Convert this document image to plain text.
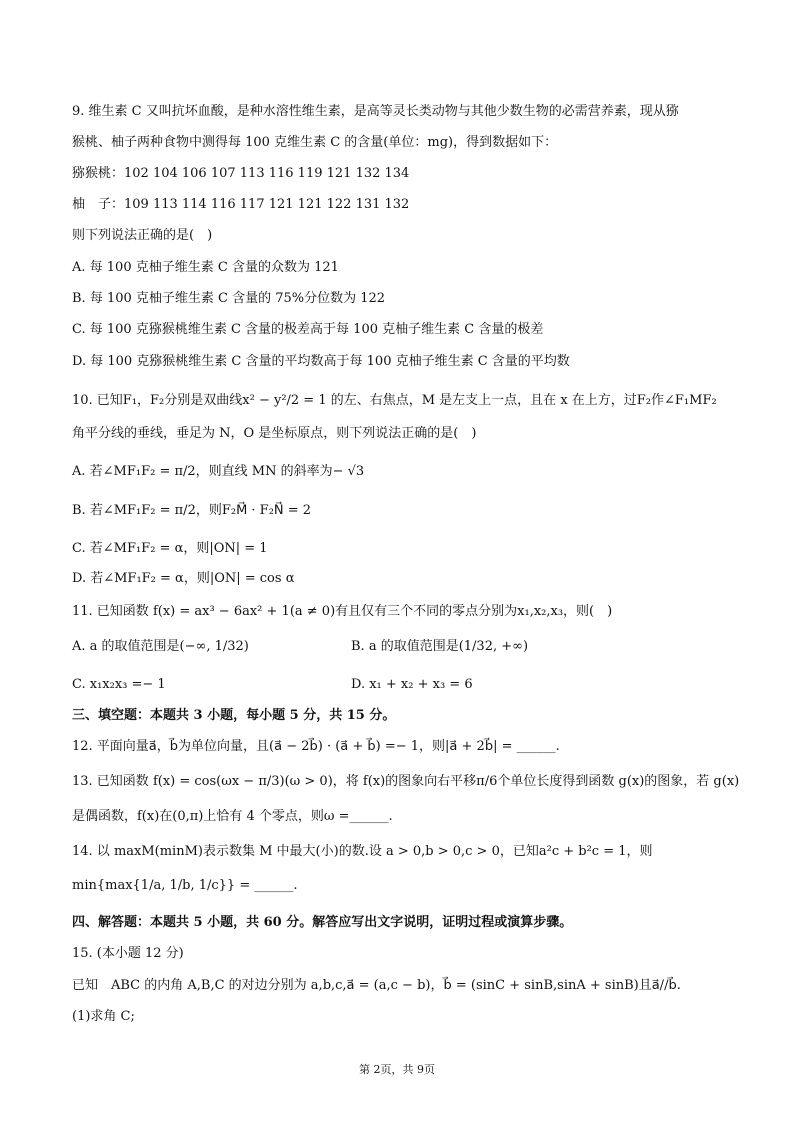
9. 维生素 C 又叫抗坏血酸，是种水溶性维生素，是高等灵长类动物与其他少数生物的必需营养素，现从猕
猴桃、柚子两种食物中测得每 100 克维生素 C 的含量(单位：mg)，得到数据如下：
猕猴桃：102 104 106 107 113 116 119 121 132 134
柚　子：109 113 114 116 117 121 121 122 131 132
则下列说法正确的是(　)
A. 每 100 克柚子维生素 C 含量的众数为 121
B. 每 100 克柚子维生素 C 含量的 75%分位数为 122
C. 每 100 克猕猴桃维生素 C 含量的极差高于每 100 克柚子维生素 C 含量的极差
D. 每 100 克猕猴桃维生素 C 含量的平均数高于每 100 克柚子维生素 C 含量的平均数
10. 已知F₁，F₂分别是双曲线x² − y²/2 = 1 的左、右焦点，M 是左支上一点，且在 x 在上方，过F₂作∠F₁MF₂
角平分线的垂线，垂足为 N，O 是坐标原点，则下列说法正确的是(　)
A. 若∠MF₁F₂ = π/2，则直线 MN 的斜率为− √3
B. 若∠MF₁F₂ = π/2，则F₂M⃗ · F₂N⃗ = 2
C. 若∠MF₁F₂ = α，则|ON| = 1
D. 若∠MF₁F₂ = α，则|ON| = cos α
11. 已知函数 f(x) = ax³ − 6ax² + 1(a ≠ 0)有且仅有三个不同的零点分别为x₁,x₂,x₃，则(　)
A. a 的取值范围是(−∞, 1/32)	B. a 的取值范围是(1/32, +∞)
C. x₁x₂x₃ =− 1	D. x₁ + x₂ + x₃ = 6
三、填空题：本题共 3 小题，每小题 5 分，共 15 分。
12. 平面向量a⃗，b⃗为单位向量，且(a⃗ − 2b⃗) · (a⃗ + b⃗) =− 1，则|a⃗ + 2b⃗| = ______.
13. 已知函数 f(x) = cos(ωx − π/3)(ω > 0)，将 f(x)的图象向右平移π/6个单位长度得到函数 g(x)的图象，若 g(x)
是偶函数，f(x)在(0,π)上恰有 4 个零点，则ω =______.
14. 以 maxM(minM)表示数集 M 中最大(小)的数.设 a > 0,b > 0,c > 0，已知a²c + b²c = 1，则
min{max{1/a, 1/b, 1/c}} = ______.
四、解答题：本题共 5 小题，共 60 分。解答应写出文字说明，证明过程或演算步骤。
15. (本小题 12 分)
已知　ABC 的内角 A,B,C 的对边分别为 a,b,c,a⃗ = (a,c − b)，b⃗ = (sinC + sinB,sinA + sinB)且a⃗//b⃗.
(1)求角 C;
第 2页，共 9页
